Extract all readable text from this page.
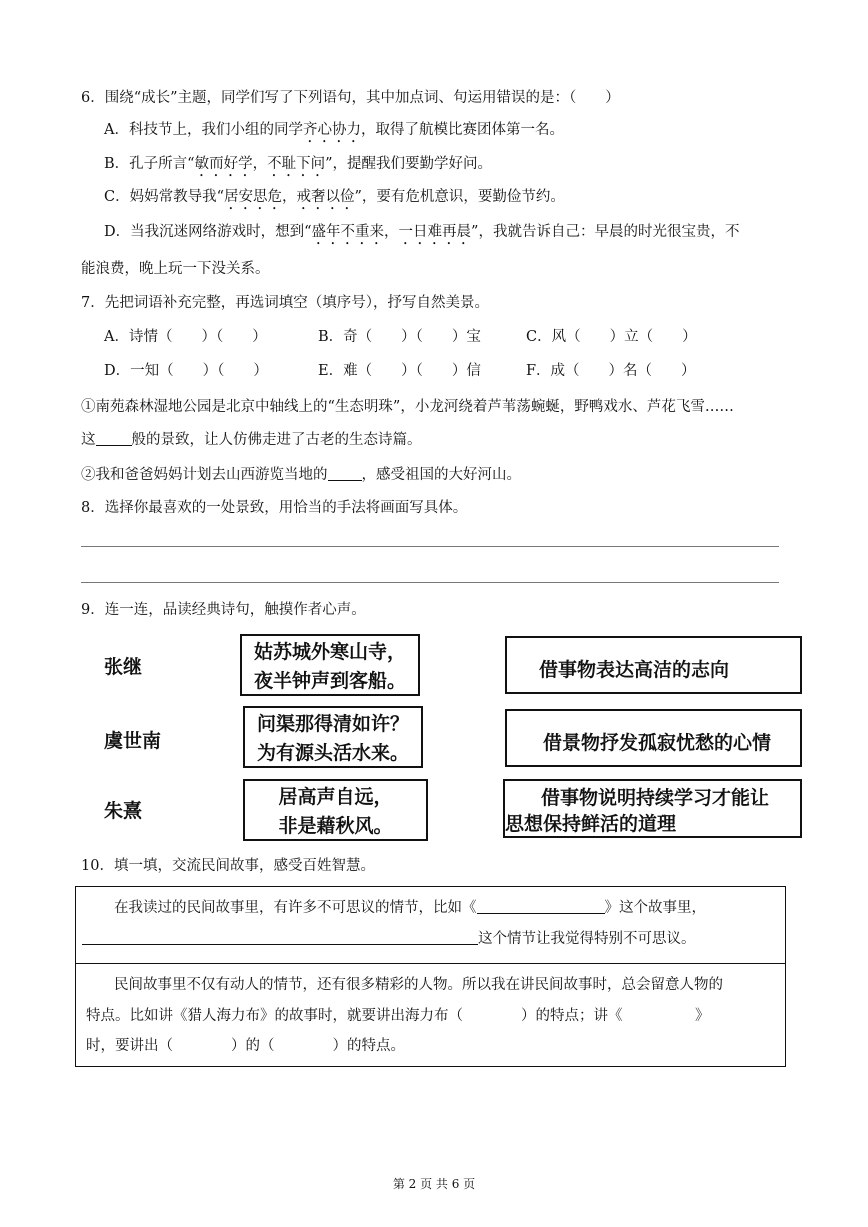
6．围绕“成长”主题，同学们写了下列语句，其中加点词、句运用错误的是：（　　）
A．科技节上，我们小组的同学齐心协力，取得了航模比赛团体第一名。
B．孔子所言“敏而好学，不耻下问”，提醒我们要勤学好问。
C．妈妈常教导我“居安思危，戒奢以俭”，要有危机意识，要勤俭节约。
D．当我沉迷网络游戏时，想到“盛年不重来，一日难再晨”，我就告诉自己：早晨的时光很宝贵，不
能浪费，晚上玩一下没关系。
7．先把词语补充完整，再选词填空（填序号），抒写自然美景。
A．诗情（　　）（　　）	B．奇（　　）（　　）宝	C．风（　　）立（　　）
D．一知（　　）（　　）	E．难（　　）（　　）信	F．成（　　）名（　　）
①南苑森林湿地公园是北京中轴线上的“生态明珠”，小龙河绕着芦苇荡蜿蜒，野鸭戏水、芦花飞雪……
这 般的景致，让人仿佛走进了古老的生态诗篇。
②我和爸爸妈妈计划去山西游览当地的 ，感受祖国的大好河山。
8．选择你最喜欢的一处景致，用恰当的手法将画面写具体。
9．连一连，品读经典诗句，触摸作者心声。
张继
虞世南
朱熹
姑苏城外寒山寺，
夜半钟声到客船。
问渠那得清如许？
为有源头活水来。
居高声自远，
非是藉秋风。
借事物表达高洁的志向
借景物抒发孤寂忧愁的心情
借事物说明持续学习才能让
思想保持鲜活的道理
10．填一填，交流民间故事，感受百姓智慧。
在我读过的民间故事里，有许多不可思议的情节，比如《	》这个故事里，
这个情节让我觉得特别不可思议。
民间故事里不仅有动人的情节，还有很多精彩的人物。所以我在讲民间故事时，总会留意人物的
特点。比如讲《猎人海力布》的故事时，就要讲出海力布（　　　　）的特点；讲《　　　　　》
时，要讲出（　　　　）的（　　　　）的特点。
第 2 页 共 6 页
